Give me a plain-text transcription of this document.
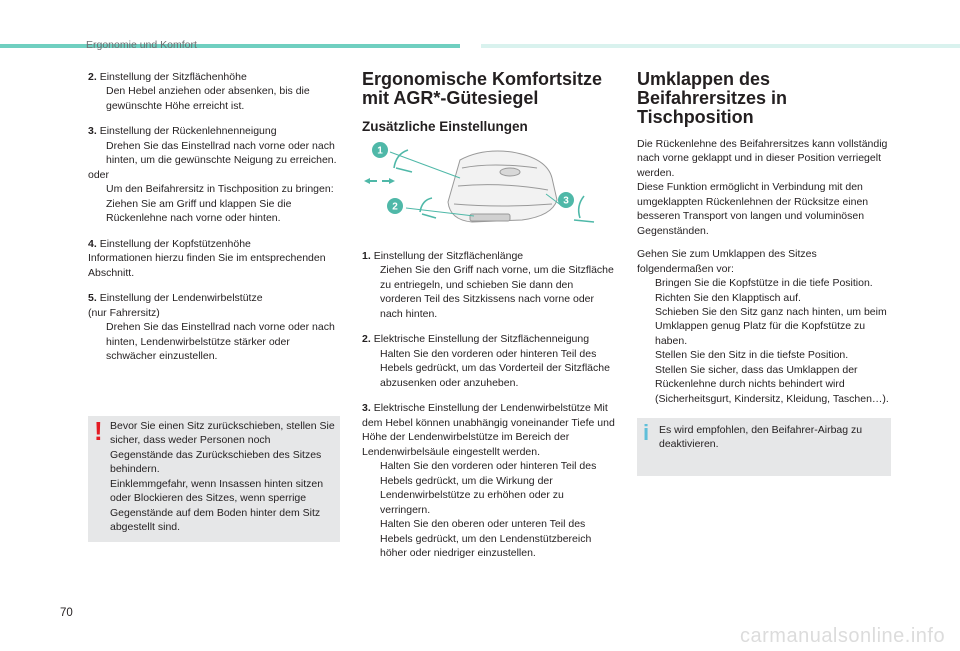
Ergonomie und Komfort
2. Einstellung der Sitzflächenhöhe
Den Hebel anziehen oder absenken, bis die gewünschte Höhe erreicht ist.
3. Einstellung der Rückenlehnenneigung
Drehen Sie das Einstellrad nach vorne oder nach hinten, um die gewünschte Neigung zu erreichen.
oder
Um den Beifahrersitz in Tischposition zu bringen: Ziehen Sie am Griff und klappen Sie die Rückenlehne nach vorne oder hinten.
4. Einstellung der Kopfstützenhöhe
Informationen hierzu finden Sie im entsprechenden Abschnitt.
5. Einstellung der Lendenwirbelstütze
(nur Fahrersitz)
Drehen Sie das Einstellrad nach vorne oder nach hinten, Lendenwirbelstütze stärker oder schwächer einzustellen.
! Bevor Sie einen Sitz zurückschieben, stellen Sie sicher, dass weder Personen noch Gegenstände das Zurückschieben des Sitzes behindern.
Einklemmgefahr, wenn Insassen hinten sitzen oder Blockieren des Sitzes, wenn sperrige Gegenstände auf dem Boden hinter dem Sitz abgestellt sind.
Ergonomische Komfortsitze mit AGR*-Gütesiegel
Zusätzliche Einstellungen
1
2
3
1. Einstellung der Sitzflächenlänge
Ziehen Sie den Griff nach vorne, um die Sitzfläche zu entriegeln, und schieben Sie dann den vorderen Teil des Sitzkissens nach vorne oder nach hinten.
2. Elektrische Einstellung der Sitzflächenneigung
Halten Sie den vorderen oder hinteren Teil des Hebels gedrückt, um das Vorderteil der Sitzfläche abzusenken oder anzuheben.
3. Elektrische Einstellung der Lendenwirbelstütze Mit dem Hebel können unabhängig voneinander Tiefe und Höhe der Lendenwirbelstütze im Bereich der Lendenwirbelsäule eingestellt werden.
Halten Sie den vorderen oder hinteren Teil des Hebels gedrückt, um die Wirkung der Lendenwirbelstütze zu erhöhen oder zu verringern.
Halten Sie den oberen oder unteren Teil des Hebels gedrückt, um den Lendenstützbereich höher oder niedriger einzustellen.
Umklappen des Beifahrersitzes in Tischposition
Die Rückenlehne des Beifahrersitzes kann vollständig nach vorne geklappt und in dieser Position verriegelt werden.
Diese Funktion ermöglicht in Verbindung mit den umgeklappten Rückenlehnen der Rücksitze einen besseren Transport von langen und voluminösen Gegenständen.
Gehen Sie zum Umklappen des Sitzes folgendermaßen vor:
Bringen Sie die Kopfstütze in die tiefe Position.
Richten Sie den Klapptisch auf.
Schieben Sie den Sitz ganz nach hinten, um beim Umklappen genug Platz für die Kopfstütze zu haben.
Stellen Sie den Sitz in die tiefste Position.
Stellen Sie sicher, dass das Umklappen der Rückenlehne durch nichts behindert wird (Sicherheitsgurt, Kindersitz, Kleidung, Taschen…).
i Es wird empfohlen, den Beifahrer-Airbag zu deaktivieren.
70
carmanualsonline.info
